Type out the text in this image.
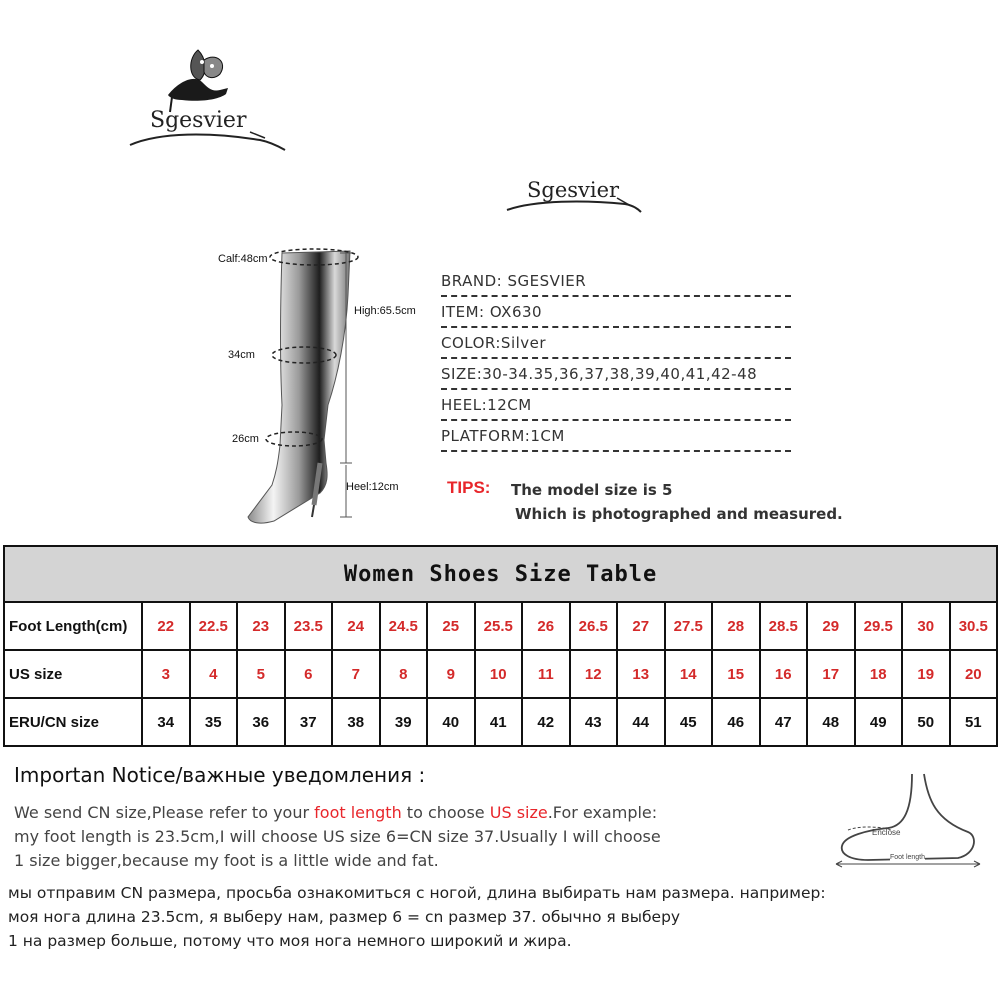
Sgesvier
Sgesvier
Calf:48cm
High:65.5cm
34cm
26cm
Heel:12cm
BRAND: SGESVIER
ITEM: OX630
COLOR:Silver
SIZE:30-34.35,36,37,38,39,40,41,42-48
HEEL:12CM
PLATFORM:1CM
TIPS: The model size is 5
Which is photographed and measured.
Women Shoes Size Table																		
Foot Length(cm)	22	22.5	23	23.5	24	24.5	25	25.5	26	26.5	27	27.5	28	28.5	29	29.5	30	30.5
US size	3	4	5	6	7	8	9	10	11	12	13	14	15	16	17	18	19	20
ERU/CN size	34	35	36	37	38	39	40	41	42	43	44	45	46	47	48	49	50	51
Importan Notice/важные уведомления :
We send CN size,Please refer to your foot length to choose US size.For example:
my foot length is 23.5cm,I will choose US size 6=CN size 37.Usually I will choose
1 size bigger,because my foot is a little wide and fat.
Enclose
Foot length
мы отправим CN размера, просьба ознакомиться с ногой, длина выбирать нам размера. например:
моя нога длина 23.5cm, я выберу нам, размер 6 = cn размер 37. обычно я выберу
1 на размер больше, потому что моя нога немного широкий и жира.
